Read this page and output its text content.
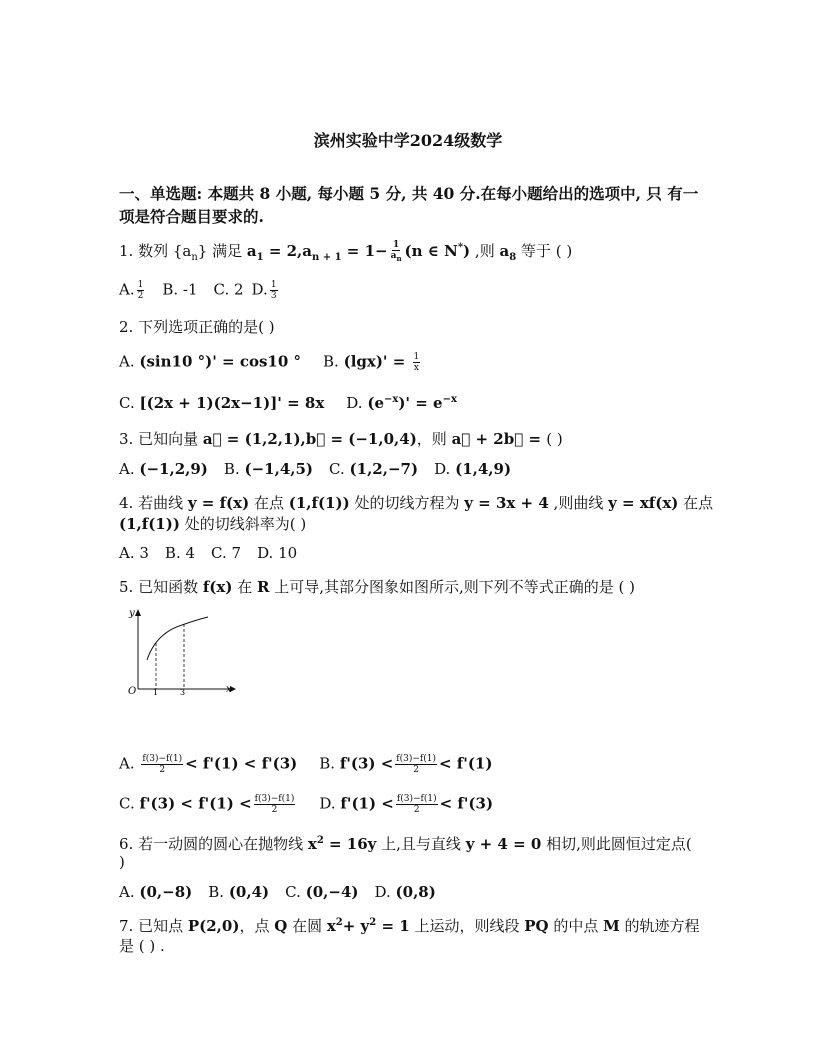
滨州实验中学2024级数学
一、单选题: 本题共 8 小题, 每小题 5 分, 共 40 分.在每小题给出的选项中, 只 有一
项是符合题目要求的.
1. 数列 $\{a_n\}$ 满足 $a_1 = 2,a_{n + 1} = 1- \frac{1}{a_n} (n$ ∈ N*) ,则 $a_8$ 等于 ( )
A. $\frac{1}{2} B$. -1 C. 2 D. $\frac{1}{3}$
2. 下列选项正确的是( )
A. (sin10 °)' = cos10 ° B. $(\lg x)' = \frac{1}{x}$
C. [(2x + 1)(2x−1)]' = 8x D. $(e^{-x})' = e^{-x}$
3. 已知向量 a⃗ = (1,2,1),b⃗ = (−1,0,4)，则 a⃗ + 2b⃗ = ( )
A. (−1,2,9) B. (−1,4,5) C. (1,2,−7) D. (1,4,9)
4. 若曲线 y = f(x) 在点 (1,f(1)) 处的切线方程为 y = 3x + 4 ,则曲线 y = xf(x) 在点
(1,f(1)) 处的切线斜率为( )
A. 3 B. 4 C. 7 D. 10
5. 已知函数 f(x) 在 R 上可导,其部分图象如图所示,则下列不等式正确的是 ( )
y
x
O 1	3
A. $\frac{f(3)-f(1)}{2} < f'(1) < f'(3)$ B. $f'(3) < \frac{f(3)-f(1)}{2} < f'(1)$
C. $f'(3) < f'(1) < \frac{f(3)-f(1)}{2} D$. $f'(1) < \frac{f(3)-f(1)}{2} < f'(3)$
6. 若一动圆的圆心在抛物线 $x^2 = 16y$ 上,且与直线 y + 4 = 0 相切,则此圆恒过定点(
)
A. (0,−8) B. (0,4) C. (0,−4) D. (0,8)
7. 已知点 P(2,0)，点 Q 在圆 $x^2+ y^2 = 1$ 上运动，则线段 PQ 的中点 M 的轨迹方程
是 ( ) .
